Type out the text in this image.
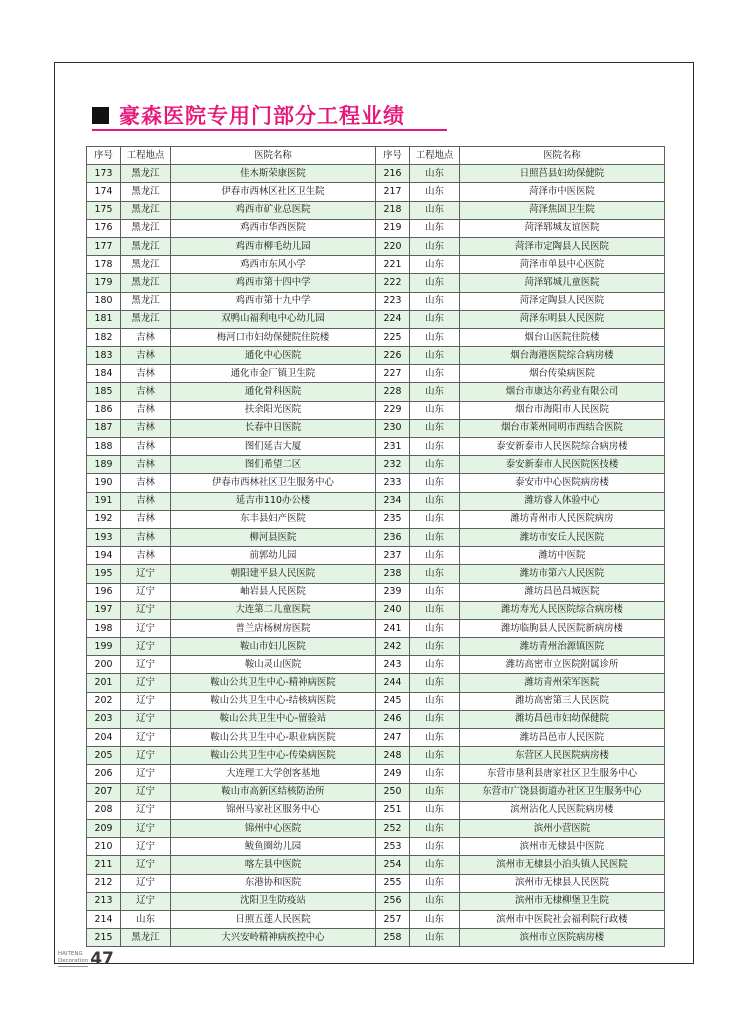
豪森医院专用门部分工程业绩
序号	工程地点	医院名称	序号	工程地点	医院名称
173	黑龙江	佳木斯荣康医院	216	山东	日照莒县妇幼保健院
174	黑龙江	伊春市西林区社区卫生院	217	山东	菏泽市中医医院
175	黑龙江	鸡西市矿业总医院	218	山东	菏泽焦固卫生院
176	黑龙江	鸡西市华西医院	219	山东	菏泽郓城友谊医院
177	黑龙江	鸡西市柳毛幼儿园	220	山东	菏泽市定陶县人民医院
178	黑龙江	鸡西市东风小学	221	山东	菏泽市单县中心医院
179	黑龙江	鸡西市第十四中学	222	山东	菏泽郓城儿童医院
180	黑龙江	鸡西市第十九中学	223	山东	菏泽定陶县人民医院
181	黑龙江	双鸭山福利电中心幼儿园	224	山东	菏泽东明县人民医院
182	吉林	梅河口市妇幼保健院住院楼	225	山东	烟台山医院住院楼
183	吉林	通化中心医院	226	山东	烟台海港医院综合病房楼
184	吉林	通化市金厂镇卫生院	227	山东	烟台传染病医院
185	吉林	通化骨科医院	228	山东	烟台市康达尔药业有限公司
186	吉林	扶余阳光医院	229	山东	烟台市海阳市人民医院
187	吉林	长春中日医院	230	山东	烟台市莱州同明市西结合医院
188	吉林	图们延吉大厦	231	山东	泰安新泰市人民医院综合病房楼
189	吉林	图们希望二区	232	山东	泰安新泰市人民医院医技楼
190	吉林	伊春市西林社区卫生服务中心	233	山东	泰安市中心医院病房楼
191	吉林	延吉市110办公楼	234	山东	潍坊睿人体验中心
192	吉林	东丰县妇产医院	235	山东	潍坊青州市人民医院病房
193	吉林	柳河县医院	236	山东	潍坊市安丘人民医院
194	吉林	前郭幼儿园	237	山东	潍坊中医院
195	辽宁	朝阳建平县人民医院	238	山东	潍坊市第六人民医院
196	辽宁	岫岩县人民医院	239	山东	潍坊昌邑昌城医院
197	辽宁	大连第二儿童医院	240	山东	潍坊寿光人民医院综合病房楼
198	辽宁	普兰店杨树房医院	241	山东	潍坊临朐县人民医院新病房楼
199	辽宁	鞍山市妇儿医院	242	山东	潍坊青州治源镇医院
200	辽宁	鞍山灵山医院	243	山东	潍坊高密市立医院附属诊所
201	辽宁	鞍山公共卫生中心-精神病医院	244	山东	潍坊青州荣军医院
202	辽宁	鞍山公共卫生中心-结核病医院	245	山东	潍坊高密第三人民医院
203	辽宁	鞍山公共卫生中心-留验站	246	山东	潍坊昌邑市妇幼保健院
204	辽宁	鞍山公共卫生中心-职业病医院	247	山东	潍坊昌邑市人民医院
205	辽宁	鞍山公共卫生中心-传染病医院	248	山东	东营区人民医院病房楼
206	辽宁	大连理工大学创客基地	249	山东	东营市垦利县唐家社区卫生服务中心
207	辽宁	鞍山市高新区结核防治所	250	山东	东营市广饶县街道办社区卫生服务中心
208	辽宁	锦州马家社区服务中心	251	山东	滨州沾化人民医院病房楼
209	辽宁	锦州中心医院	252	山东	滨州小营医院
210	辽宁	鲅鱼圈幼儿园	253	山东	滨州市无棣县中医院
211	辽宁	喀左县中医院	254	山东	滨州市无棣县小泊头镇人民医院
212	辽宁	东港协和医院	255	山东	滨州市无棣县人民医院
213	辽宁	沈阳卫生防疫站	256	山东	滨州市无棣柳堡卫生院
214	山东	日照五莲人民医院	257	山东	滨州市中医院社会福利院行政楼
215	黑龙江	大兴安岭精神病疾控中心	258	山东	滨州市立医院病房楼
HAITENG
Decoration 47
